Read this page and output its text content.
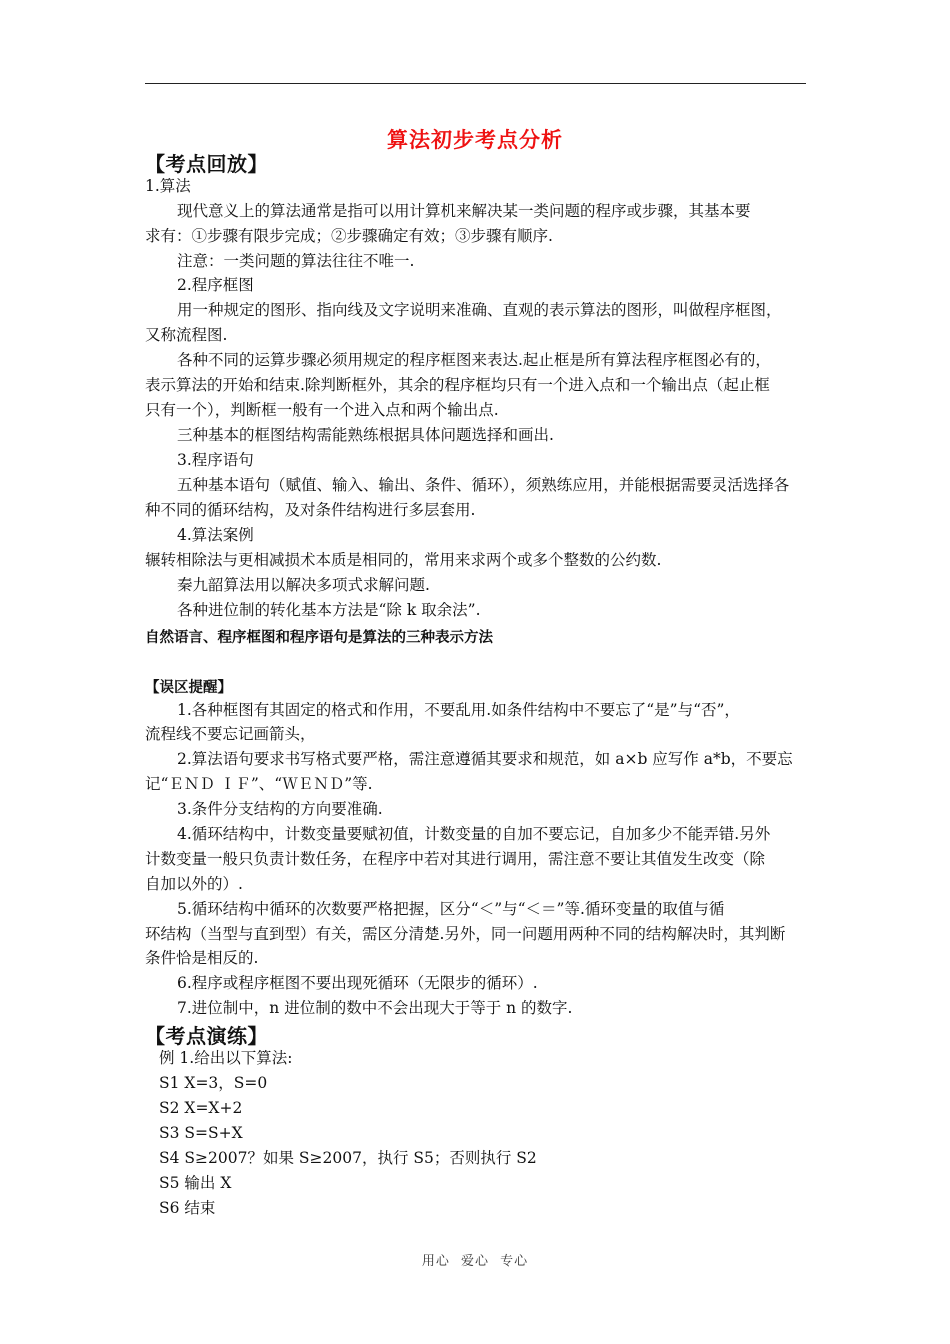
算法初步考点分析
【考点回放】
1.算法
现代意义上的算法通常是指可以用计算机来解决某一类问题的程序或步骤，其基本要
求有：①步骤有限步完成；②步骤确定有效；③步骤有顺序.
注意：一类问题的算法往往不唯一.
2.程序框图
用一种规定的图形、指向线及文字说明来准确、直观的表示算法的图形，叫做程序框图，
又称流程图.
各种不同的运算步骤必须用规定的程序框图来表达.起止框是所有算法程序框图必有的，
表示算法的开始和结束.除判断框外，其余的程序框均只有一个进入点和一个输出点（起止框
只有一个），判断框一般有一个进入点和两个输出点.
三种基本的框图结构需能熟练根据具体问题选择和画出.
3.程序语句
五种基本语句（赋值、输入、输出、条件、循环），须熟练应用，并能根据需要灵活选择各
种不同的循环结构，及对条件结构进行多层套用.
4.算法案例
辗转相除法与更相减损术本质是相同的，常用来求两个或多个整数的公约数.
秦九韶算法用以解决多项式求解问题.
各种进位制的转化基本方法是“除 k 取余法”.
自然语言、程序框图和程序语句是算法的三种表示方法
【误区提醒】
1.各种框图有其固定的格式和作用，不要乱用.如条件结构中不要忘了“是”与“否”，
流程线不要忘记画箭头，
2.算法语句要求书写格式要严格，需注意遵循其要求和规范，如 a×b 应写作 a*b，不要忘
记“ＥＮＤ ＩＦ”、“ＷＥＮＤ”等.
3.条件分支结构的方向要准确.
4.循环结构中，计数变量要赋初值，计数变量的自加不要忘记，自加多少不能弄错.另外
计数变量一般只负责计数任务，在程序中若对其进行调用，需注意不要让其值发生改变（除
自加以外的）.
5.循环结构中循环的次数要严格把握，区分“＜”与“＜＝”等.循环变量的取值与循
环结构（当型与直到型）有关，需区分清楚.另外，同一问题用两种不同的结构解决时，其判断
条件恰是相反的.
6.程序或程序框图不要出现死循环（无限步的循环）.
7.进位制中，n 进位制的数中不会出现大于等于 n 的数字.
【考点演练】
例 1.给出以下算法:
S1 X=3，S=0
S2 X=X+2
S3 S=S+X
S4 S≥2007？如果 S≥2007，执行 S5；否则执行 S2
S5 输出 X
S6 结束
用心 爱心 专心
